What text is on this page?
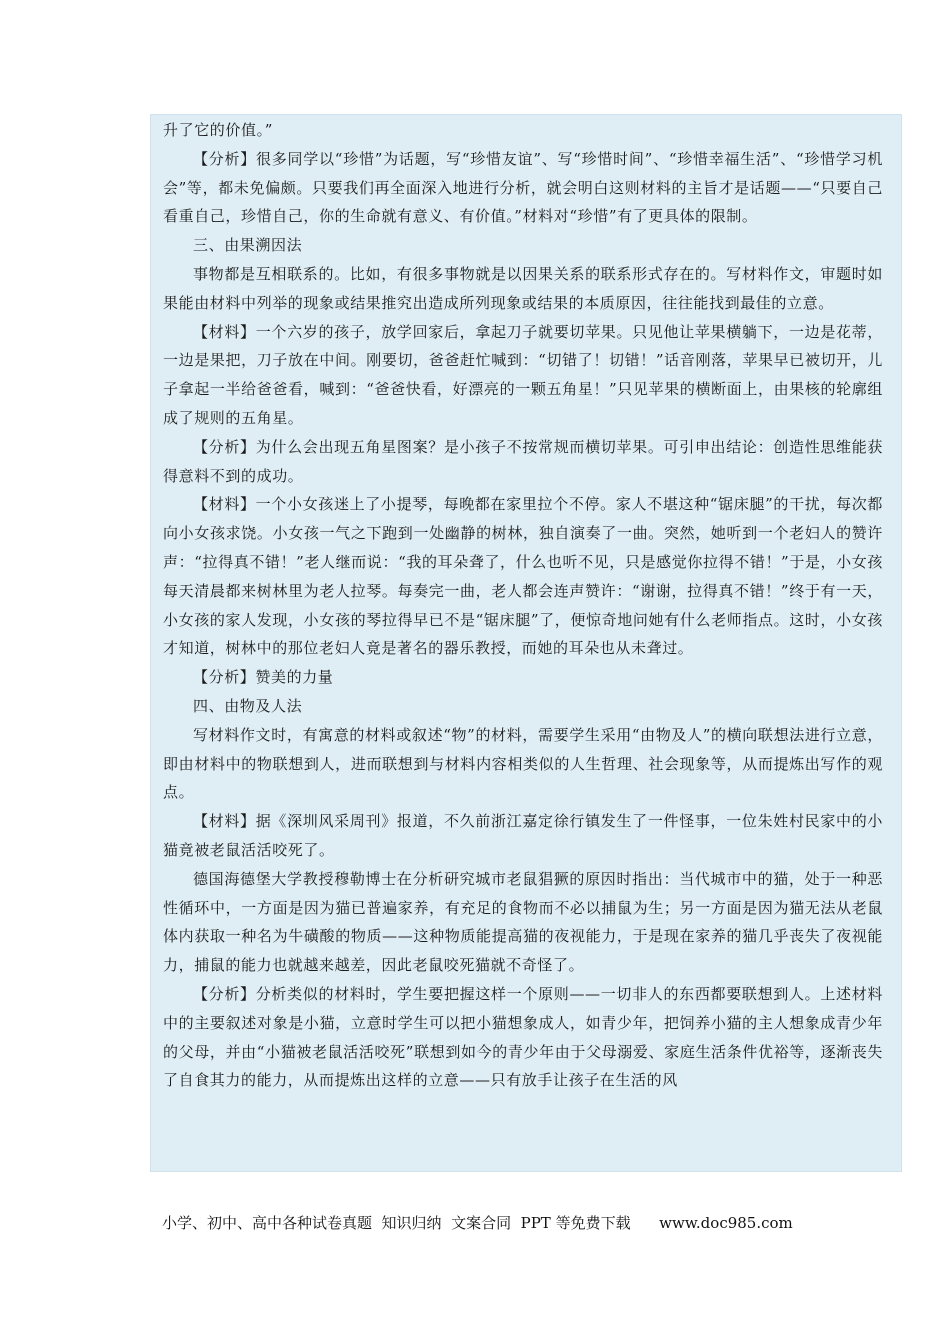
升了它的价值。”

【分析】很多同学以“珍惜”为话题，写“珍惜友谊”、写“珍惜时间”、“珍惜幸福生活”、“珍惜学习机会”等，都未免偏颇。只要我们再全面深入地进行分析，就会明白这则材料的主旨才是话题——“只要自己看重自己，珍惜自己，你的生命就有意义、有价值。”材料对“珍惜”有了更具体的限制。

三、由果溯因法

事物都是互相联系的。比如，有很多事物就是以因果关系的联系形式存在的。写材料作文，审题时如果能由材料中列举的现象或结果推究出造成所列现象或结果的本质原因，往往能找到最佳的立意。

【材料】一个六岁的孩子，放学回家后，拿起刀子就要切苹果。只见他让苹果横躺下，一边是花蒂，一边是果把，刀子放在中间。刚要切，爸爸赶忙喊到：“切错了！切错！”话音刚落，苹果早已被切开，儿子拿起一半给爸爸看，喊到：“爸爸快看，好漂亮的一颗五角星！”只见苹果的横断面上，由果核的轮廓组成了规则的五角星。

【分析】为什么会出现五角星图案？是小孩子不按常规而横切苹果。可引申出结论：创造性思维能获得意料不到的成功。

【材料】一个小女孩迷上了小提琴，每晚都在家里拉个不停。家人不堪这种“锯床腿”的干扰，每次都向小女孩求饶。小女孩一气之下跑到一处幽静的树林，独自演奏了一曲。突然，她听到一个老妇人的赞许声：“拉得真不错！”老人继而说：“我的耳朵聋了，什么也听不见，只是感觉你拉得不错！”于是，小女孩每天清晨都来树林里为老人拉琴。每奏完一曲，老人都会连声赞许：“谢谢，拉得真不错！”终于有一天，小女孩的家人发现，小女孩的琴拉得早已不是“锯床腿”了，便惊奇地问她有什么老师指点。这时，小女孩才知道，树林中的那位老妇人竟是著名的器乐教授，而她的耳朵也从未聋过。

【分析】赞美的力量

四、由物及人法

写材料作文时，有寓意的材料或叙述“物”的材料，需要学生采用“由物及人”的横向联想法进行立意，即由材料中的物联想到人，进而联想到与材料内容相类似的人生哲理、社会现象等，从而提炼出写作的观点。

【材料】据《深圳风采周刊》报道，不久前浙江嘉定徐行镇发生了一件怪事，一位朱姓村民家中的小猫竟被老鼠活活咬死了。

德国海德堡大学教授穆勒博士在分析研究城市老鼠猖獗的原因时指出：当代城市中的猫，处于一种恶性循环中，一方面是因为猫已普遍家养，有充足的食物而不必以捕鼠为生；另一方面是因为猫无法从老鼠体内获取一种名为牛磺酸的物质——这种物质能提高猫的夜视能力，于是现在家养的猫几乎丧失了夜视能力，捕鼠的能力也就越来越差，因此老鼠咬死猫就不奇怪了。

【分析】分析类似的材料时，学生要把握这样一个原则——一切非人的东西都要联想到人。上述材料中的主要叙述对象是小猫，立意时学生可以把小猫想象成人，如青少年，把饲养小猫的主人想象成青少年的父母，并由“小猫被老鼠活活咬死”联想到如今的青少年由于父母溺爱、家庭生活条件优裕等，逐渐丧失了自食其力的能力，从而提炼出这样的立意——只有放手让孩子在生活的风

小学、初中、高中各种试卷真题  知识归纳  文案合同  PPT 等免费下载      www.doc985.com
